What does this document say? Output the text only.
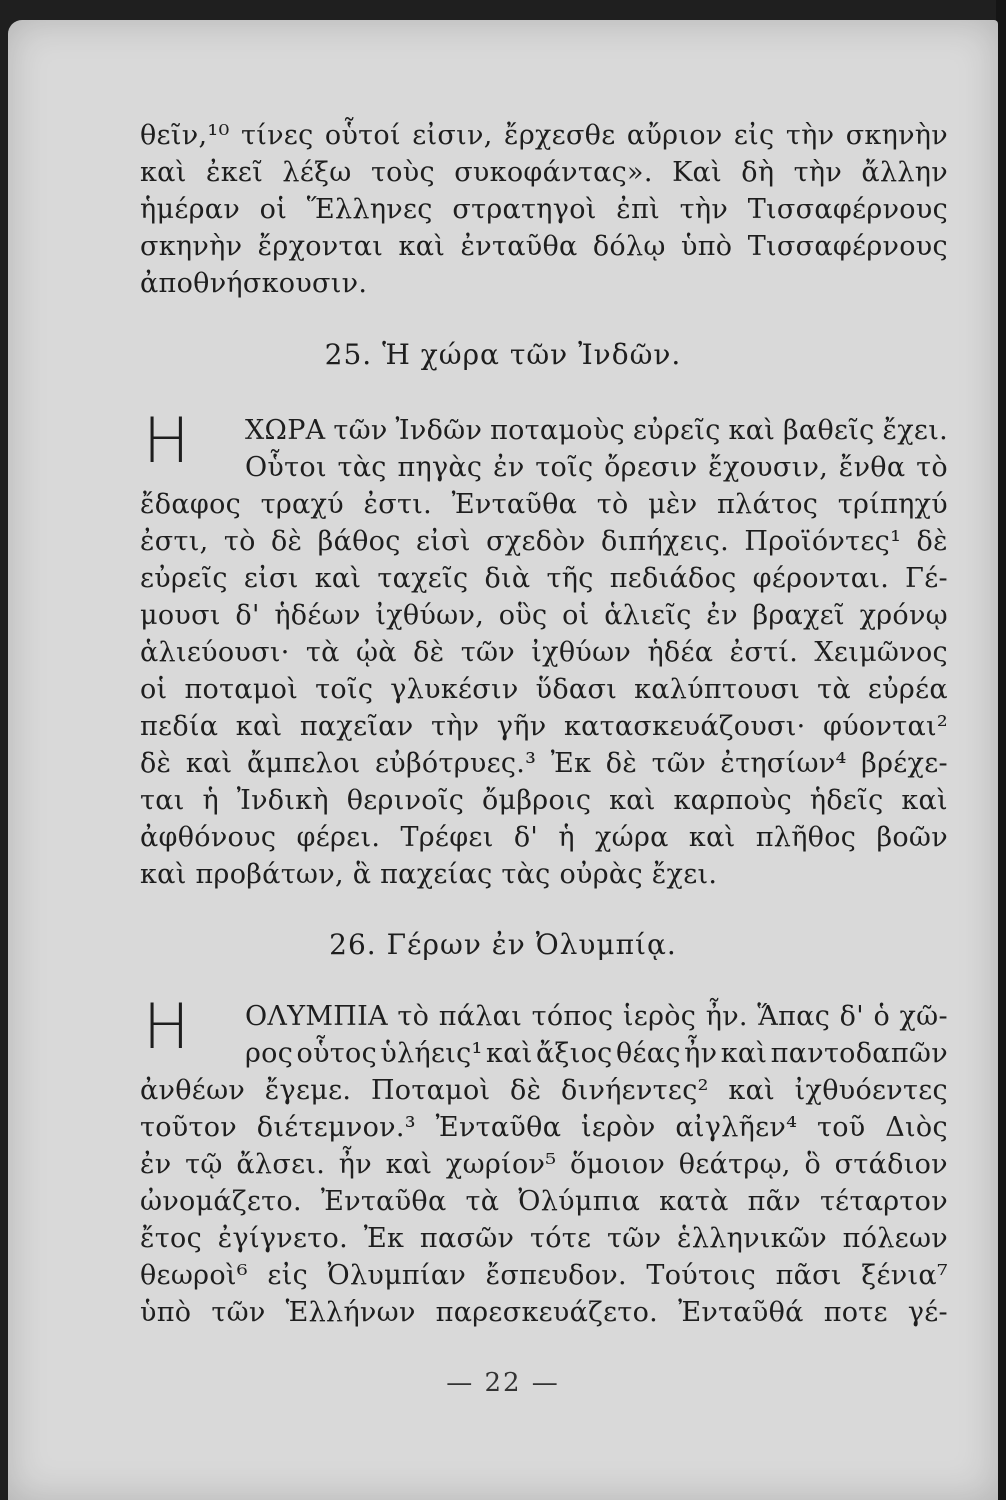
θεῖν,¹⁰ τίνες οὗτοί εἰσιν, ἔρχεσθε αὔριον εἰς τὴν σκηνὴν
καὶ ἐκεῖ λέξω τοὺς συκοφάντας». Καὶ δὴ τὴν ἄλλην
ἡμέραν οἱ Ἕλληνες στρατηγοὶ ἐπὶ τὴν Τισσαφέρνους
σκηνὴν ἔρχονται καὶ ἐνταῦθα δόλῳ ὑπὸ Τισσαφέρνους
ἀποθνήσκουσιν.
25. Ἡ χώρα τῶν Ἰνδῶν.
Η ΧΩΡΑ τῶν Ἰνδῶν ποταμοὺς εὐρεῖς καὶ βαθεῖς ἔχει.
Οὗτοι τὰς πηγὰς ἐν τοῖς ὄρεσιν ἔχουσιν, ἔνθα τὸ
ἔδαφος τραχύ ἐστι. Ἐνταῦθα τὸ μὲν πλάτος τρίπηχύ
ἐστι, τὸ δὲ βάθος εἰσὶ σχεδὸν διπήχεις. Προϊόντες¹ δὲ
εὐρεῖς εἰσι καὶ ταχεῖς διὰ τῆς πεδιάδος φέρονται. Γέ-
μουσι δ' ἡδέων ἰχθύων, οὓς οἱ ἁλιεῖς ἐν βραχεῖ χρόνῳ
ἁλιεύουσι· τὰ ᾠὰ δὲ τῶν ἰχθύων ἡδέα ἐστί. Χειμῶνος
οἱ ποταμοὶ τοῖς γλυκέσιν ὕδασι καλύπτουσι τὰ εὐρέα
πεδία καὶ παχεῖαν τὴν γῆν κατασκευάζουσι· φύονται²
δὲ καὶ ἄμπελοι εὐβότρυες.³ Ἐκ δὲ τῶν ἐτησίων⁴ βρέχε-
ται ἡ Ἰνδικὴ θερινοῖς ὄμβροις καὶ καρποὺς ἡδεῖς καὶ
ἀφθόνους φέρει. Τρέφει δ' ἡ χώρα καὶ πλῆθος βοῶν
καὶ προβάτων, ἃ παχείας τὰς οὐρὰς ἔχει.
26. Γέρων ἐν Ὀλυμπίᾳ.
Η ΟΛΥΜΠΙΑ τὸ πάλαι τόπος ἱερὸς ἦν. Ἅπας δ' ὁ χῶ-
ρος οὗτος ὑλήεις¹ καὶ ἄξιος θέας ἦν καὶ παντοδαπῶν
ἀνθέων ἔγεμε. Ποταμοὶ δὲ δινήεντες² καὶ ἰχθυόεντες
τοῦτον διέτεμνον.³ Ἐνταῦθα ἱερὸν αἰγλῆεν⁴ τοῦ Διὸς
ἐν τῷ ἄλσει. ἦν καὶ χωρίον⁵ ὅμοιον θεάτρῳ, ὃ στάδιον
ὠνομάζετο. Ἐνταῦθα τὰ Ὀλύμπια κατὰ πᾶν τέταρτον
ἔτος ἐγίγνετο. Ἐκ πασῶν τότε τῶν ἑλληνικῶν πόλεων
θεωροὶ⁶ εἰς Ὀλυμπίαν ἔσπευδον. Τούτοις πᾶσι ξένια⁷
ὑπὸ τῶν Ἑλλήνων παρεσκευάζετο. Ἐνταῦθά ποτε γέ-
— 22 —
